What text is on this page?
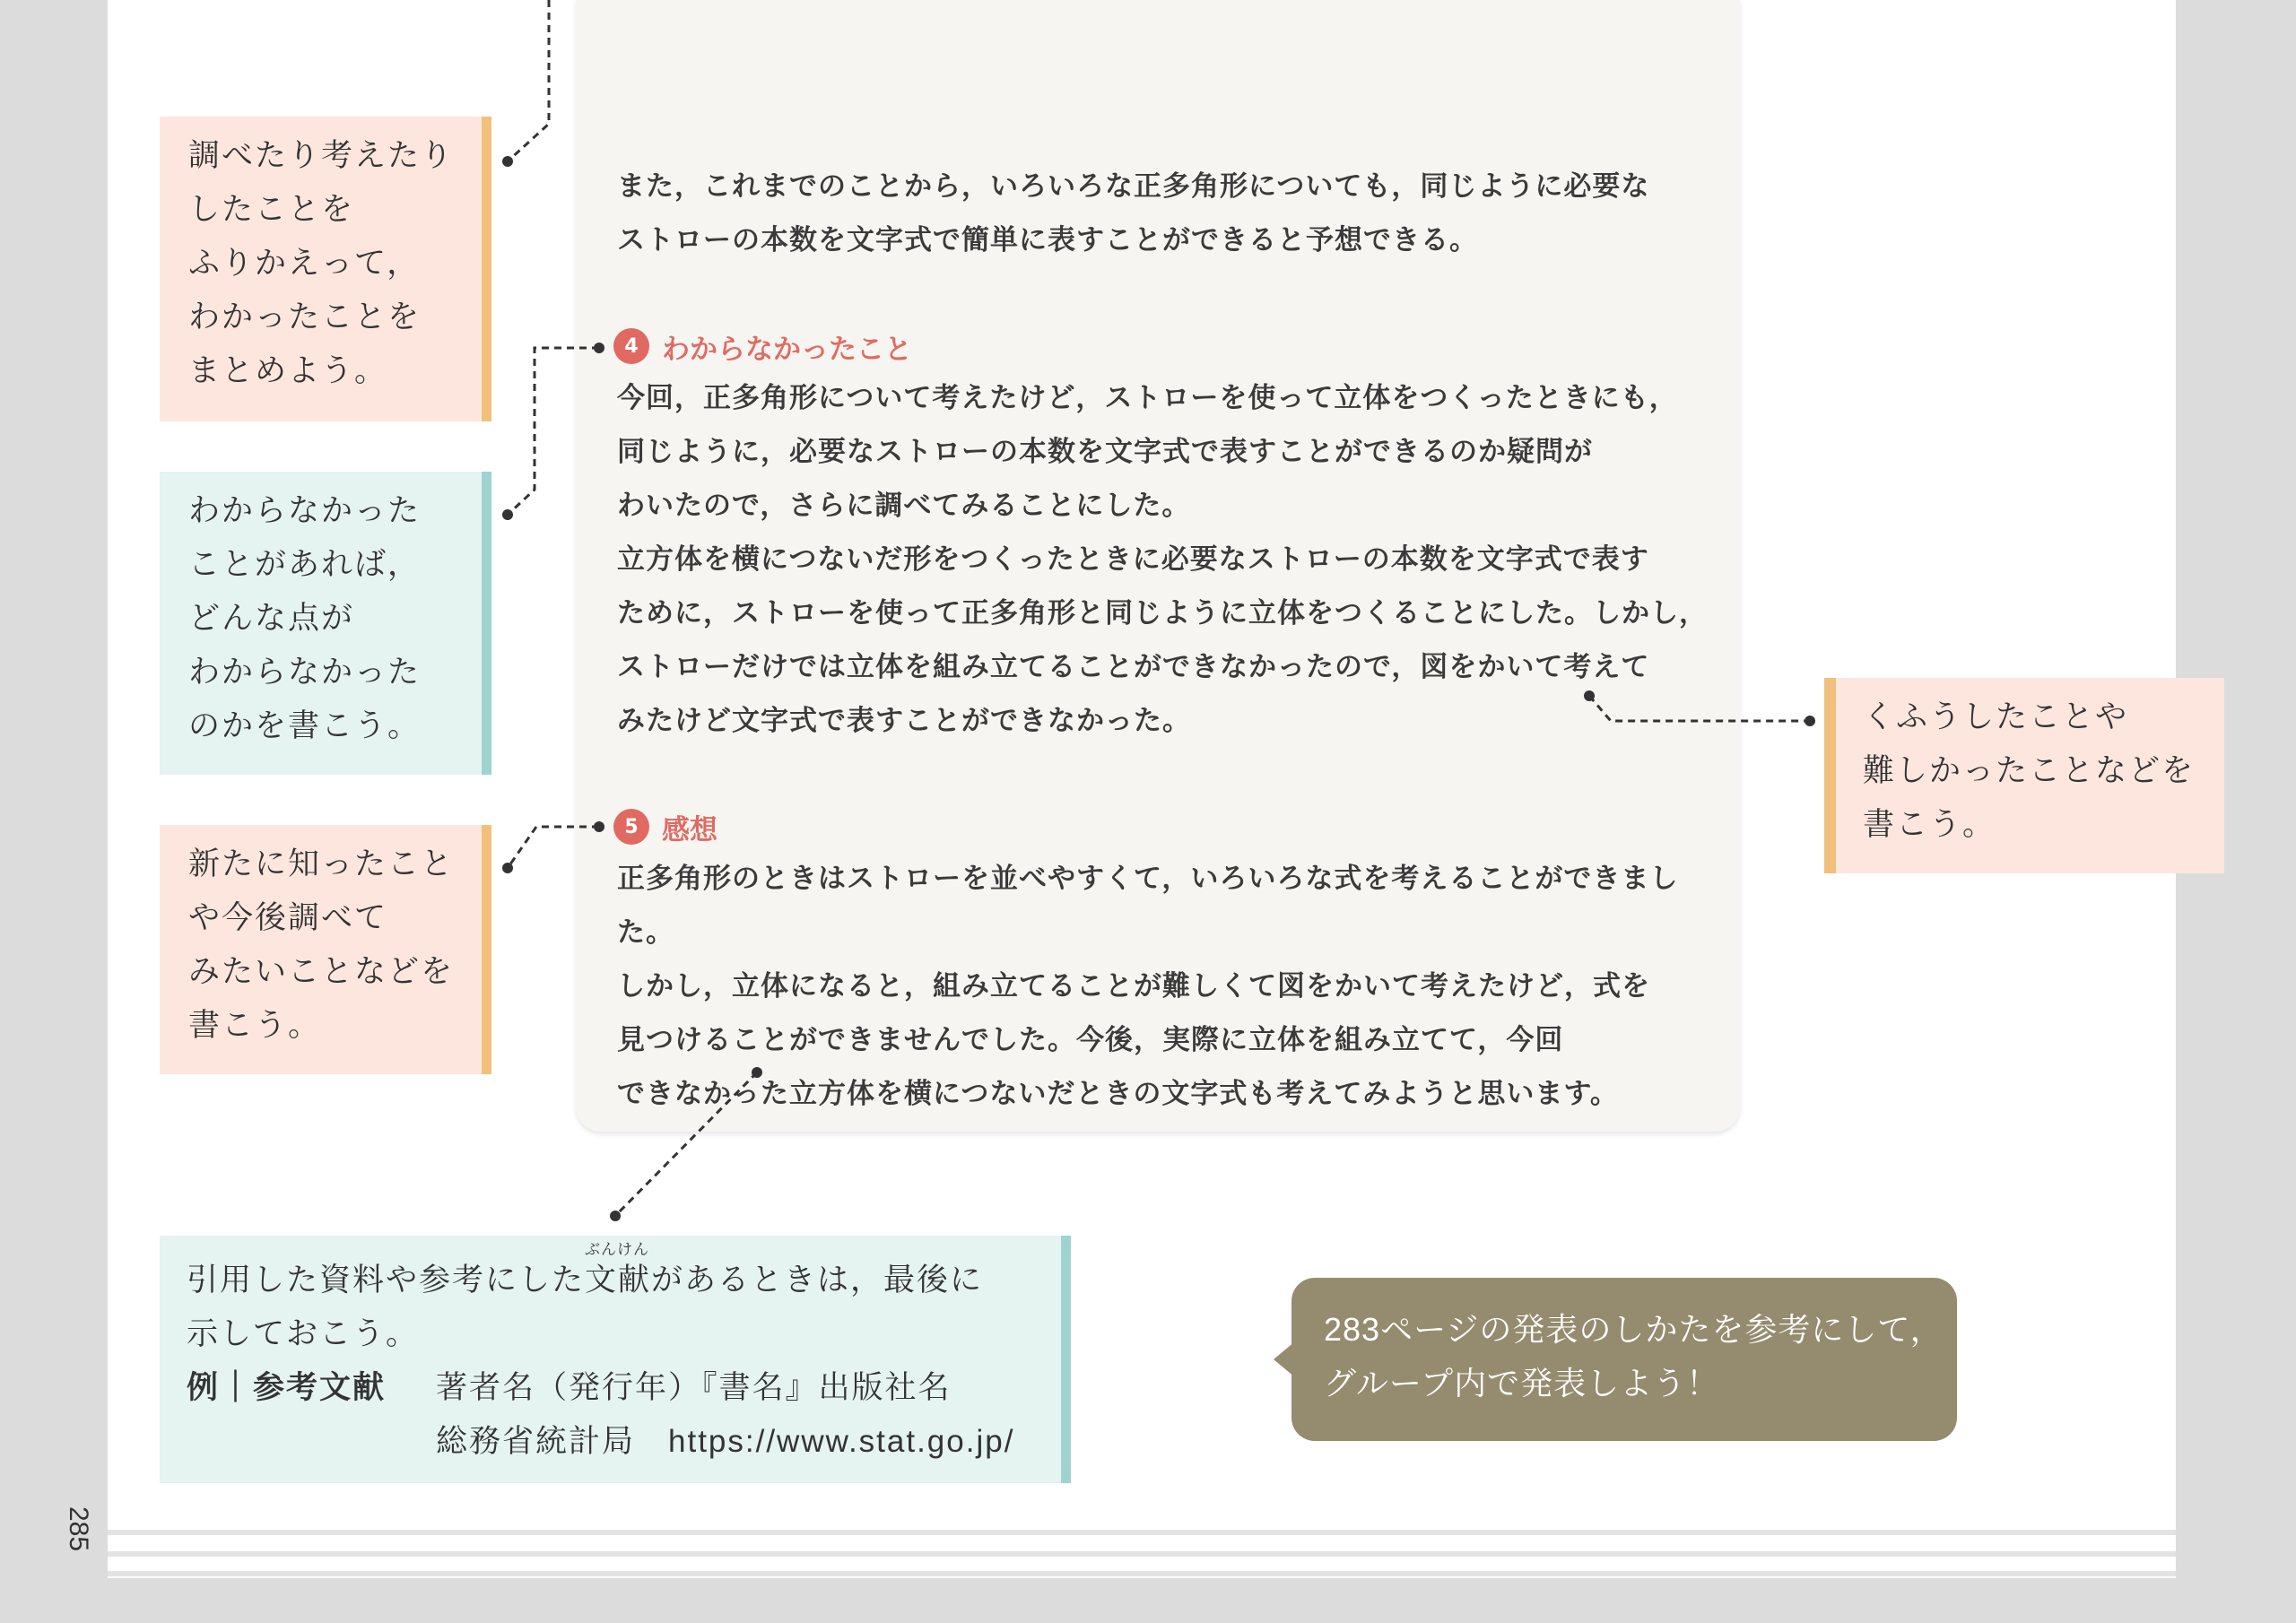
また，これまでのことから，いろいろな正多角形についても，同じように必要な
ストローの本数を文字式で簡単に表すことができると予想できる。
4 わからなかったこと
今回，正多角形について考えたけど，ストローを使って立体をつくったときにも，
同じように，必要なストローの本数を文字式で表すことができるのか疑問が
わいたので，さらに調べてみることにした。
立方体を横につないだ形をつくったときに必要なストローの本数を文字式で表す
ために，ストローを使って正多角形と同じように立体をつくることにした。しかし，
ストローだけでは立体を組み立てることができなかったので，図をかいて考えて
みたけど文字式で表すことができなかった。
5 感想
正多角形のときはストローを並べやすくて，いろいろな式を考えることができました。
しかし，立体になると，組み立てることが難しくて図をかいて考えたけど，式を
見つけることができませんでした。今後，実際に立体を組み立てて，今回
できなかった立方体を横につないだときの文字式も考えてみようと思います。
調べたり考えたり
したことを
ふりかえって，
わかったことを
まとめよう。
わからなかった
ことがあれば，
どんな点が
わからなかった
のかを書こう。
新たに知ったこと
や今後調べて
みたいことなどを
書こう。
くふうしたことや
難しかったことなどを
書こう。
引用した資料や参考にした
ぶんけん
文献があるときは，最後に
示しておこう。
例｜参考文献 著者名（発行年）『書名』出版社名
総務省統計局　https://www.stat.go.jp/
283ページの発表のしかたを参考にして，
グループ内で発表しよう！
285
